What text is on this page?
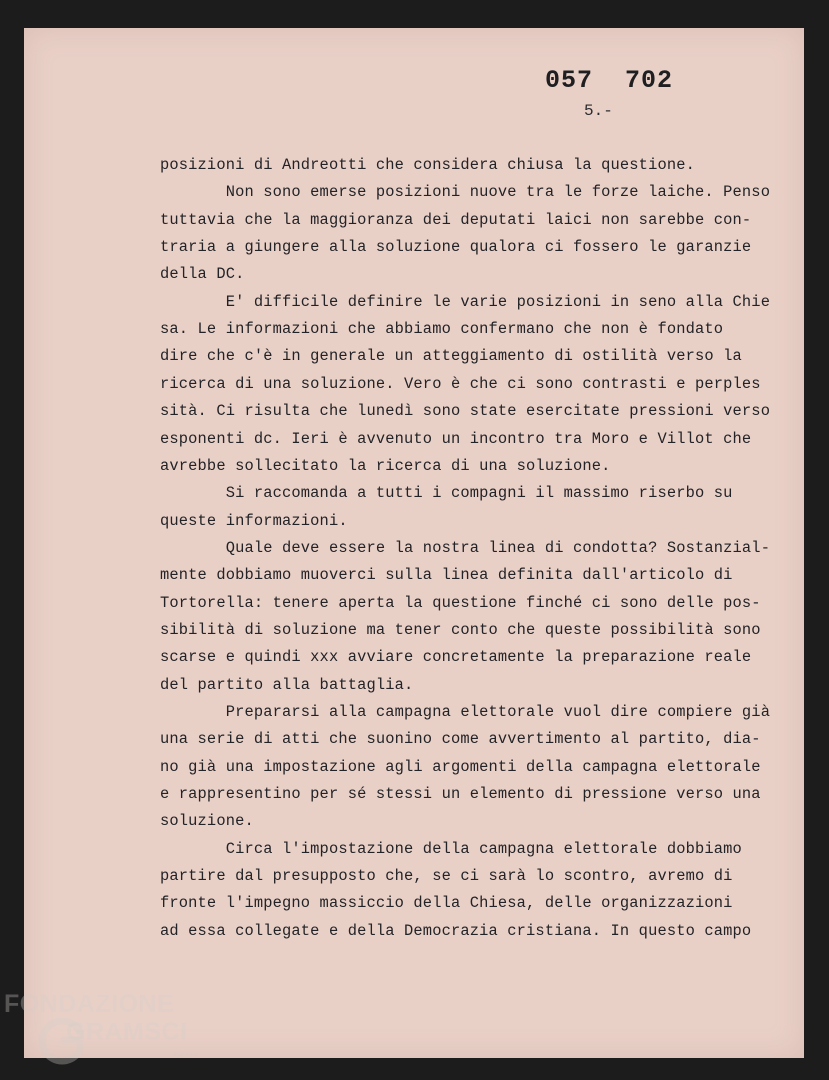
057  702
5.-
posizioni di Andreotti che considera chiusa la questione.
Non sono emerse posizioni nuove tra le forze laiche. Penso
tuttavia che la maggioranza dei deputati laici non sarebbe con-
traria a giungere alla soluzione qualora ci fossero le garanzie
della DC.
E' difficile definire le varie posizioni in seno alla Chie
sa. Le informazioni che abbiamo confermano che non è fondato
dire che c'è in generale un atteggiamento di ostilità verso la
ricerca di una soluzione. Vero è che ci sono contrasti e perples
sità. Ci risulta che lunedì sono state esercitate pressioni verso
esponenti dc. Ieri è avvenuto un incontro tra Moro e Villot che
avrebbe sollecitato la ricerca di una soluzione.
Si raccomanda a tutti i compagni il massimo riserbo su
queste informazioni.
Quale deve essere la nostra linea di condotta? Sostanzial-
mente dobbiamo muoverci sulla linea definita dall'articolo di
Tortorella: tenere aperta la questione finché ci sono delle pos-
sibilità di soluzione ma tener conto che queste possibilità sono
scarse e quindi xxx avviare concretamente la preparazione reale
del partito alla battaglia.
Prepararsi alla campagna elettorale vuol dire compiere già
una serie di atti che suonino come avvertimento al partito, dia-
no già una impostazione agli argomenti della campagna elettorale
e rappresentino per sé stessi un elemento di pressione verso una
soluzione.
Circa l'impostazione della campagna elettorale dobbiamo
partire dal presupposto che, se ci sarà lo scontro, avremo di
fronte l'impegno massiccio della Chiesa, delle organizzazioni
ad essa collegate e della Democrazia cristiana. In questo campo
FONDAZIONE
GRAMSCI
onlus
